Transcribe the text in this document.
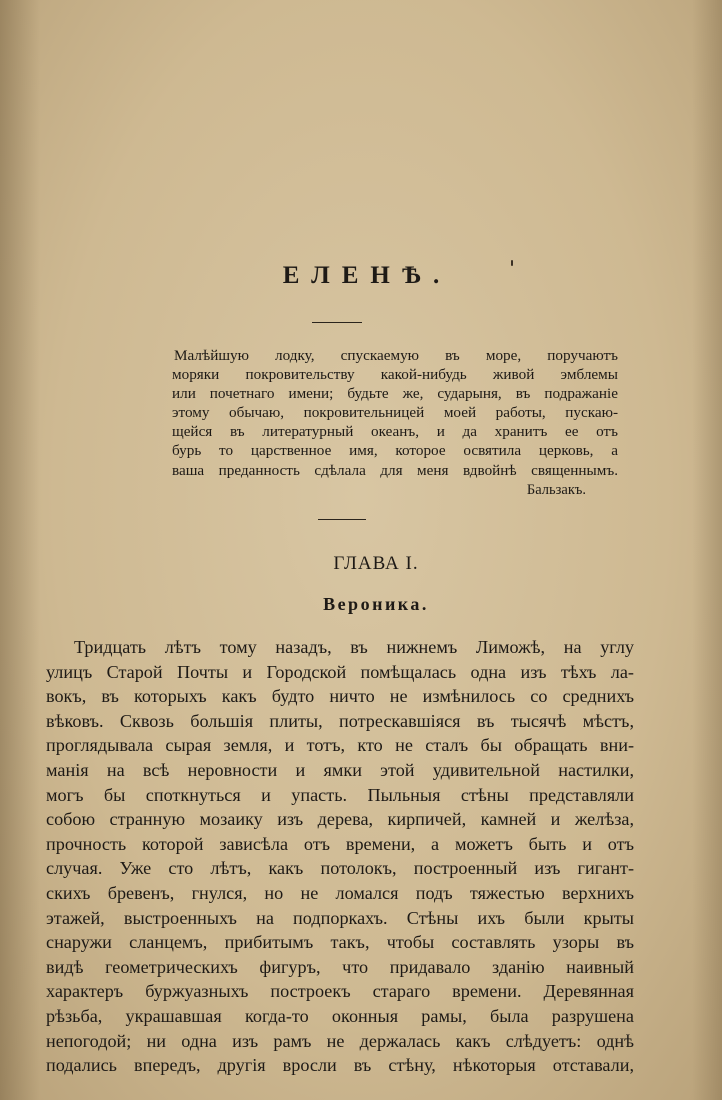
ЕЛЕНѢ.
Малѣйшую лодку, спускаемую въ море, поручаютъ
моряки покровительству какой-нибудь живой эмблемы
или почетнаго имени; будьте же, сударыня, въ подражаніе
этому обычаю, покровительницей моей работы, пускаю-
щейся въ литературный океанъ, и да хранитъ ее отъ
бурь то царственное имя, которое освятила церковь, а
ваша преданность сдѣлала для меня вдвойнѣ священнымъ.
Бальзакъ.
ГЛАВА I.
Вероника.
Тридцать лѣтъ тому назадъ, въ нижнемъ Лиможѣ, на углу
улицъ Старой Почты и Городской помѣщалась одна изъ тѣхъ ла-
вокъ, въ которыхъ какъ будто ничто не измѣнилось со среднихъ
вѣковъ. Сквозь большія плиты, потрескавшіяся въ тысячѣ мѣстъ,
проглядывала сырая земля, и тотъ, кто не сталъ бы обращать вни-
манія на всѣ неровности и ямки этой удивительной настилки,
могъ бы споткнуться и упасть. Пыльныя стѣны представляли
собою странную мозаику изъ дерева, кирпичей, камней и желѣза,
прочность которой зависѣла отъ времени, а можетъ быть и отъ
случая. Уже сто лѣтъ, какъ потолокъ, построенный изъ гигант-
скихъ бревенъ, гнулся, но не ломался подъ тяжестью верхнихъ
этажей, выстроенныхъ на подпоркахъ. Стѣны ихъ были крыты
снаружи сланцемъ, прибитымъ такъ, чтобы составлять узоры въ
видѣ геометрическихъ фигуръ, что придавало зданію наивный
характеръ буржуазныхъ построекъ стараго времени. Деревянная
рѣзьба, украшавшая когда-то оконныя рамы, была разрушена
непогодой; ни одна изъ рамъ не держалась какъ слѣдуетъ: однѣ
подались впередъ, другія вросли въ стѣну, нѣкоторыя отставали,
